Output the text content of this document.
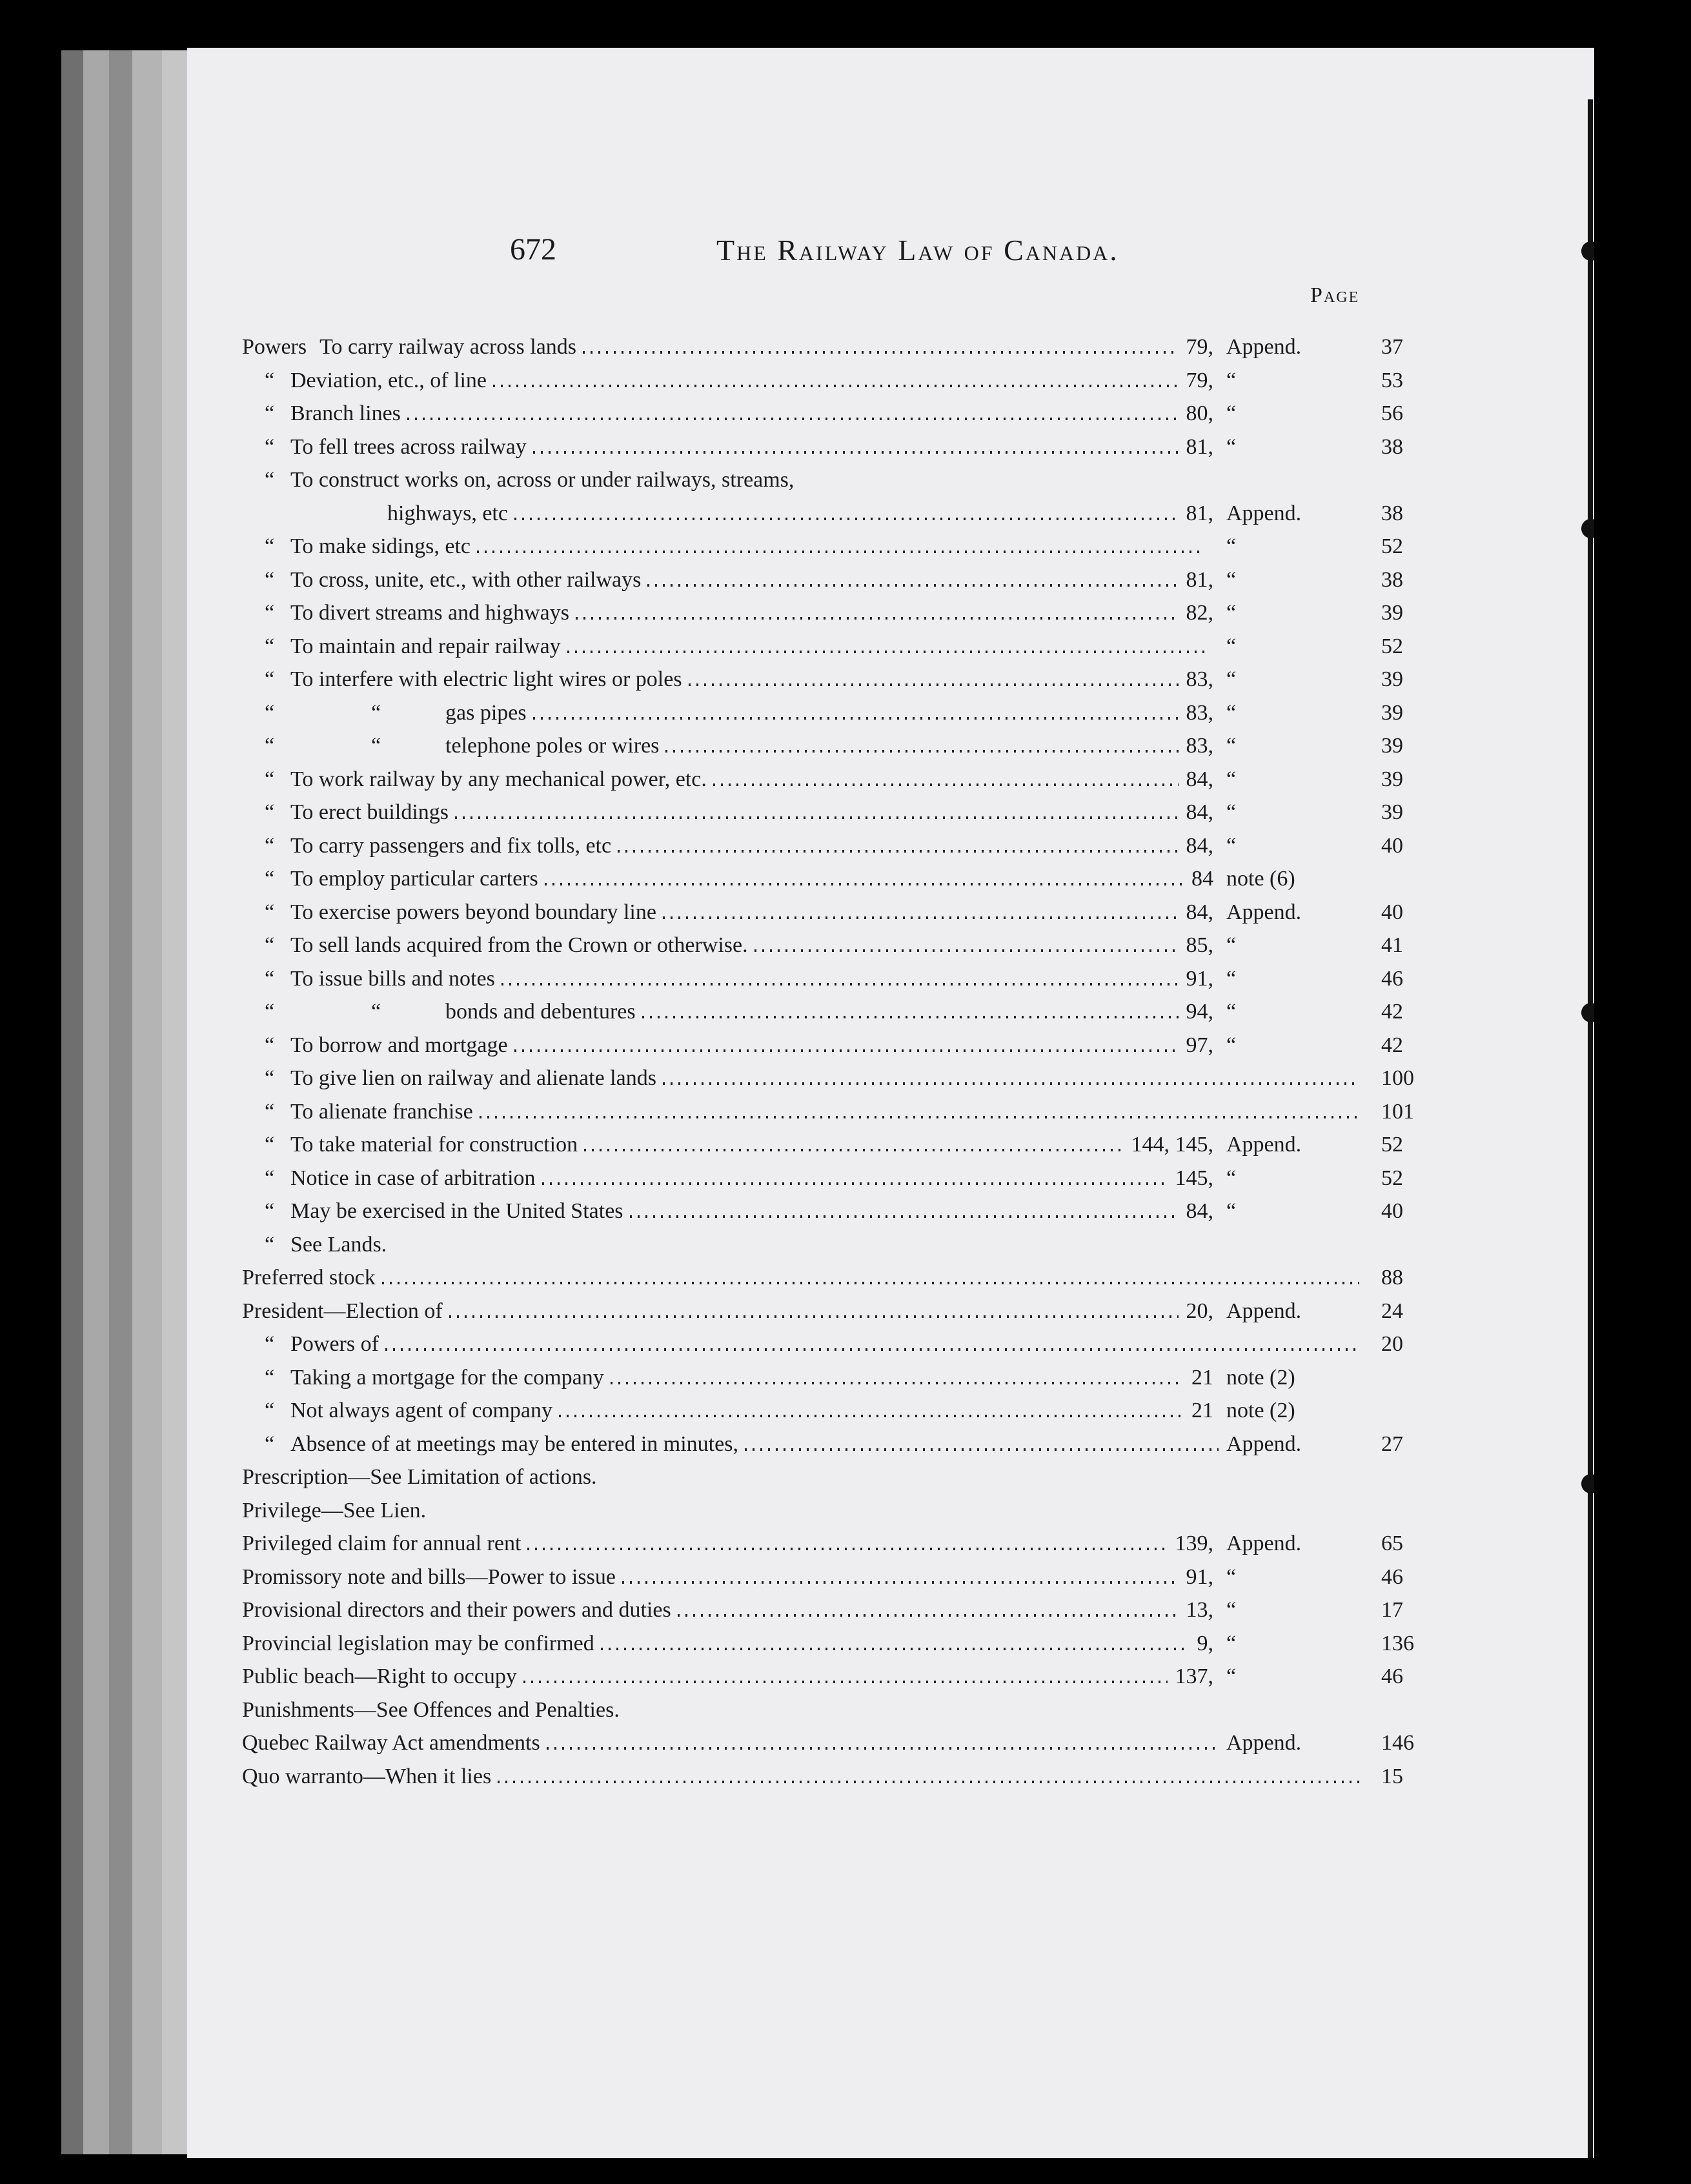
672	The Railway Law of Canada.
Page
Powers To carry railway across lands	79, Append.	37
“ Deviation, etc., of line	79, “	53
“ Branch lines	80, “	56
“ To fell trees across railway	81, “	38
“ To construct works on, across or under railways, streams,
highways, etc	81, Append.	38
“ To make sidings, etc	“	52
“ To cross, unite, etc., with other railways	81, “	38
“ To divert streams and highways	82, “	39
“ To maintain and repair railway	“	52
“ To interfere with electric light wires or poles	83, “	39
“	“	gas pipes	83, “	39
“	“	telephone poles or wires	83, “	39
“ To work railway by any mechanical power, etc.	84, “	39
“ To erect buildings	84, “	39
“ To carry passengers and fix tolls, etc	84, “	40
“ To employ particular carters	84 note (6)
“ To exercise powers beyond boundary line	84, Append.	40
“ To sell lands acquired from the Crown or otherwise.	85, “	41
“ To issue bills and notes	91, “	46
“	“	bonds and debentures	94, “	42
“ To borrow and mortgage	97, “	42
“ To give lien on railway and alienate lands	100
“ To alienate franchise	101
“ To take material for construction	144, 145, Append.	52
“ Notice in case of arbitration	145, “	52
“ May be exercised in the United States	84, “	40
“ See Lands.
Preferred stock	88
President—Election of	20, Append.	24
“ Powers of	20
“ Taking a mortgage for the company	21 note (2)
“ Not always agent of company	21 note (2)
“ Absence of at meetings may be entered in minutes,	Append.	27
Prescription—See Limitation of actions.
Privilege—See Lien.
Privileged claim for annual rent	139, Append.	65
Promissory note and bills—Power to issue	91, “	46
Provisional directors and their powers and duties	13, “	17
Provincial legislation may be confirmed	9, “	136
Public beach—Right to occupy	137, “	46
Punishments—See Offences and Penalties.
Quebec Railway Act amendments	Append.	146
Quo warranto—When it lies	15
